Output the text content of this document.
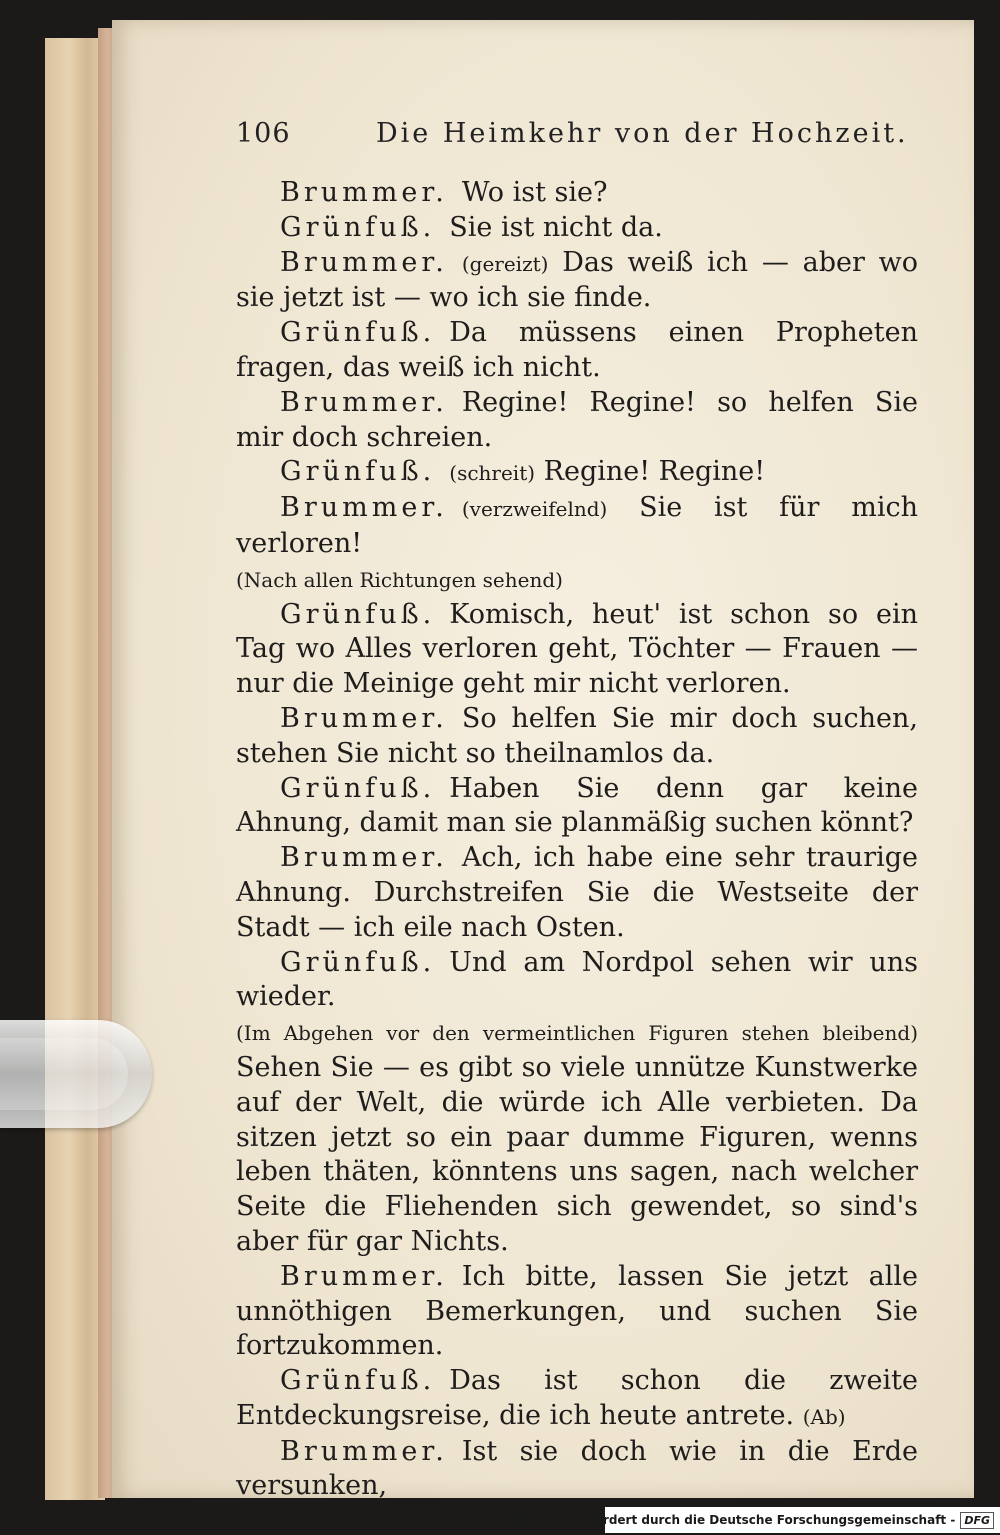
106	Die Heimkehr von der Hochzeit.

Brummer. Wo ist sie?

Grünfuß. Sie ist nicht da.

Brummer. (gereizt) Das weiß ich — aber wo sie jetzt ist — wo ich sie finde.

Grünfuß. Da müssens einen Propheten fragen, das weiß ich nicht.

Brummer. Regine! Regine! so helfen Sie mir doch schreien.

Grünfuß. (schreit) Regine! Regine!

Brummer. (verzweifelnd) Sie ist für mich verloren!

(Nach allen Richtungen sehend)

Grünfuß. Komisch, heut' ist schon so ein Tag wo Alles verloren geht, Töchter — Frauen — nur die Meinige geht mir nicht verloren.

Brummer. So helfen Sie mir doch suchen, stehen Sie nicht so theilnamlos da.

Grünfuß. Haben Sie denn gar keine Ahnung, damit man sie planmäßig suchen könnt?

Brummer. Ach, ich habe eine sehr traurige Ahnung. Durchstreifen Sie die Westseite der Stadt — ich eile nach Osten.

Grünfuß. Und am Nordpol sehen wir uns wieder.

(Im Abgehen vor den vermeintlichen Figuren stehen bleibend) Sehen Sie — es gibt so viele unnütze Kunstwerke auf der Welt, die würde ich Alle verbieten. Da sitzen jetzt so ein paar dumme Figuren, wenns leben thäten, könntens uns sagen, nach welcher Seite die Fliehenden sich gewendet, so sind's aber für gar Nichts.

Brummer. Ich bitte, lassen Sie jetzt alle unnöthigen Bemerkungen, und suchen Sie fortzukommen.

Grünfuß. Das ist schon die zweite Entdeckungsreise, die ich heute antrete. (Ab)

Brummer. Ist sie doch wie in die Erde versunken,

Digitalisierung gefördert durch die Deutsche Forschungsgemeinschaft - DFG
